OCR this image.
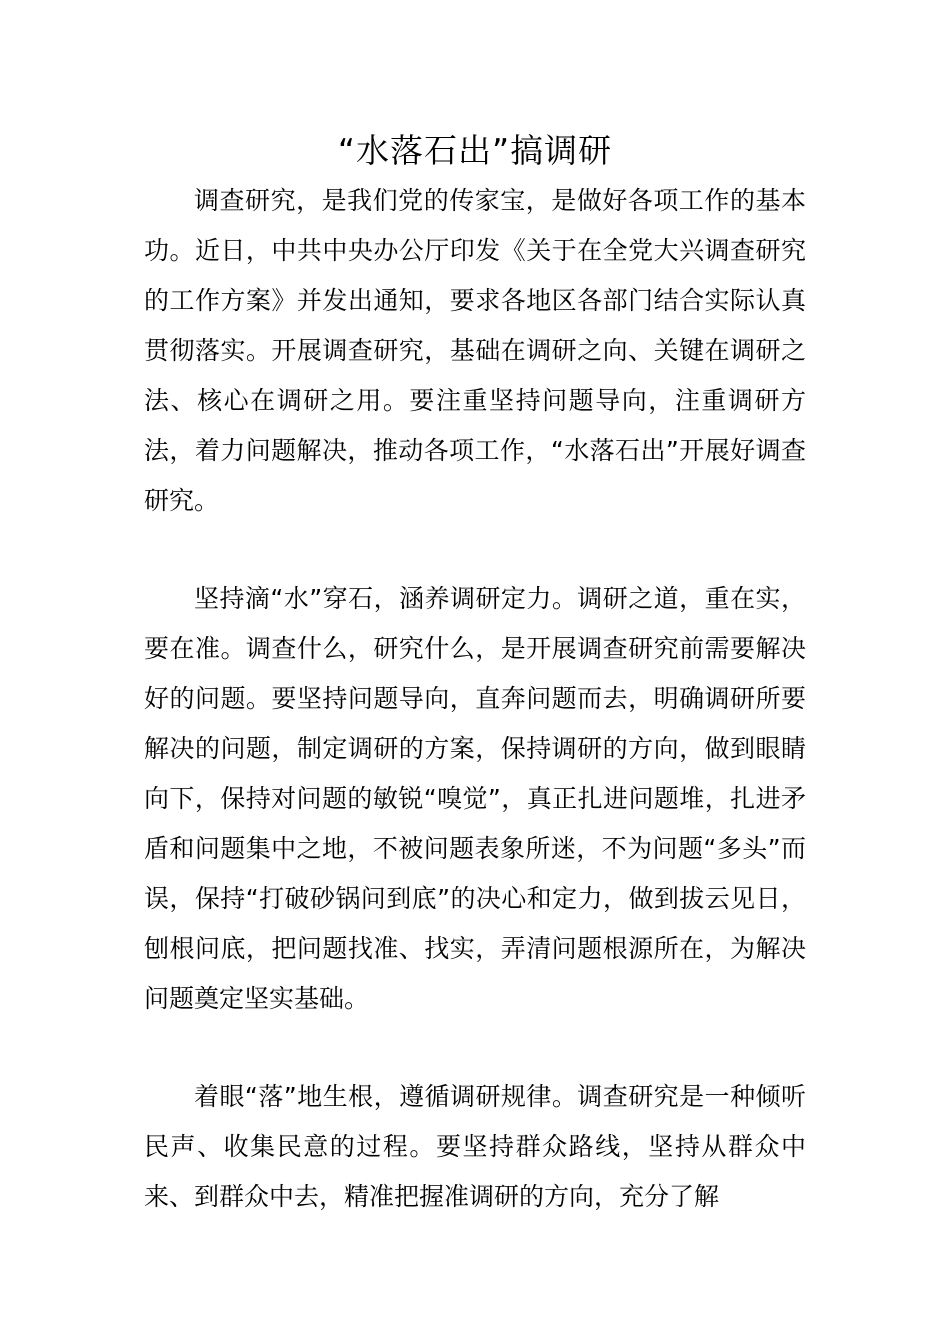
“水落石出”搞调研

调查研究，是我们党的传家宝，是做好各项工作的基本功。近日，中共中央办公厅印发《关于在全党大兴调查研究的工作方案》并发出通知，要求各地区各部门结合实际认真贯彻落实。开展调查研究，基础在调研之向、关键在调研之法、核心在调研之用。要注重坚持问题导向，注重调研方法，着力问题解决，推动各项工作，“水落石出”开展好调查研究。

坚持滴“水”穿石，涵养调研定力。调研之道，重在实，要在准。调查什么，研究什么，是开展调查研究前需要解决好的问题。要坚持问题导向，直奔问题而去，明确调研所要解决的问题，制定调研的方案，保持调研的方向，做到眼睛向下，保持对问题的敏锐“嗅觉”，真正扎进问题堆，扎进矛盾和问题集中之地，不被问题表象所迷，不为问题“多头”而误，保持“打破砂锅问到底”的决心和定力，做到拔云见日，刨根问底，把问题找准、找实，弄清问题根源所在，为解决问题奠定坚实基础。

着眼“落”地生根，遵循调研规律。调查研究是一种倾听民声、收集民意的过程。要坚持群众路线，坚持从群众中来、到群众中去，精准把握准调研的方向，充分了解
